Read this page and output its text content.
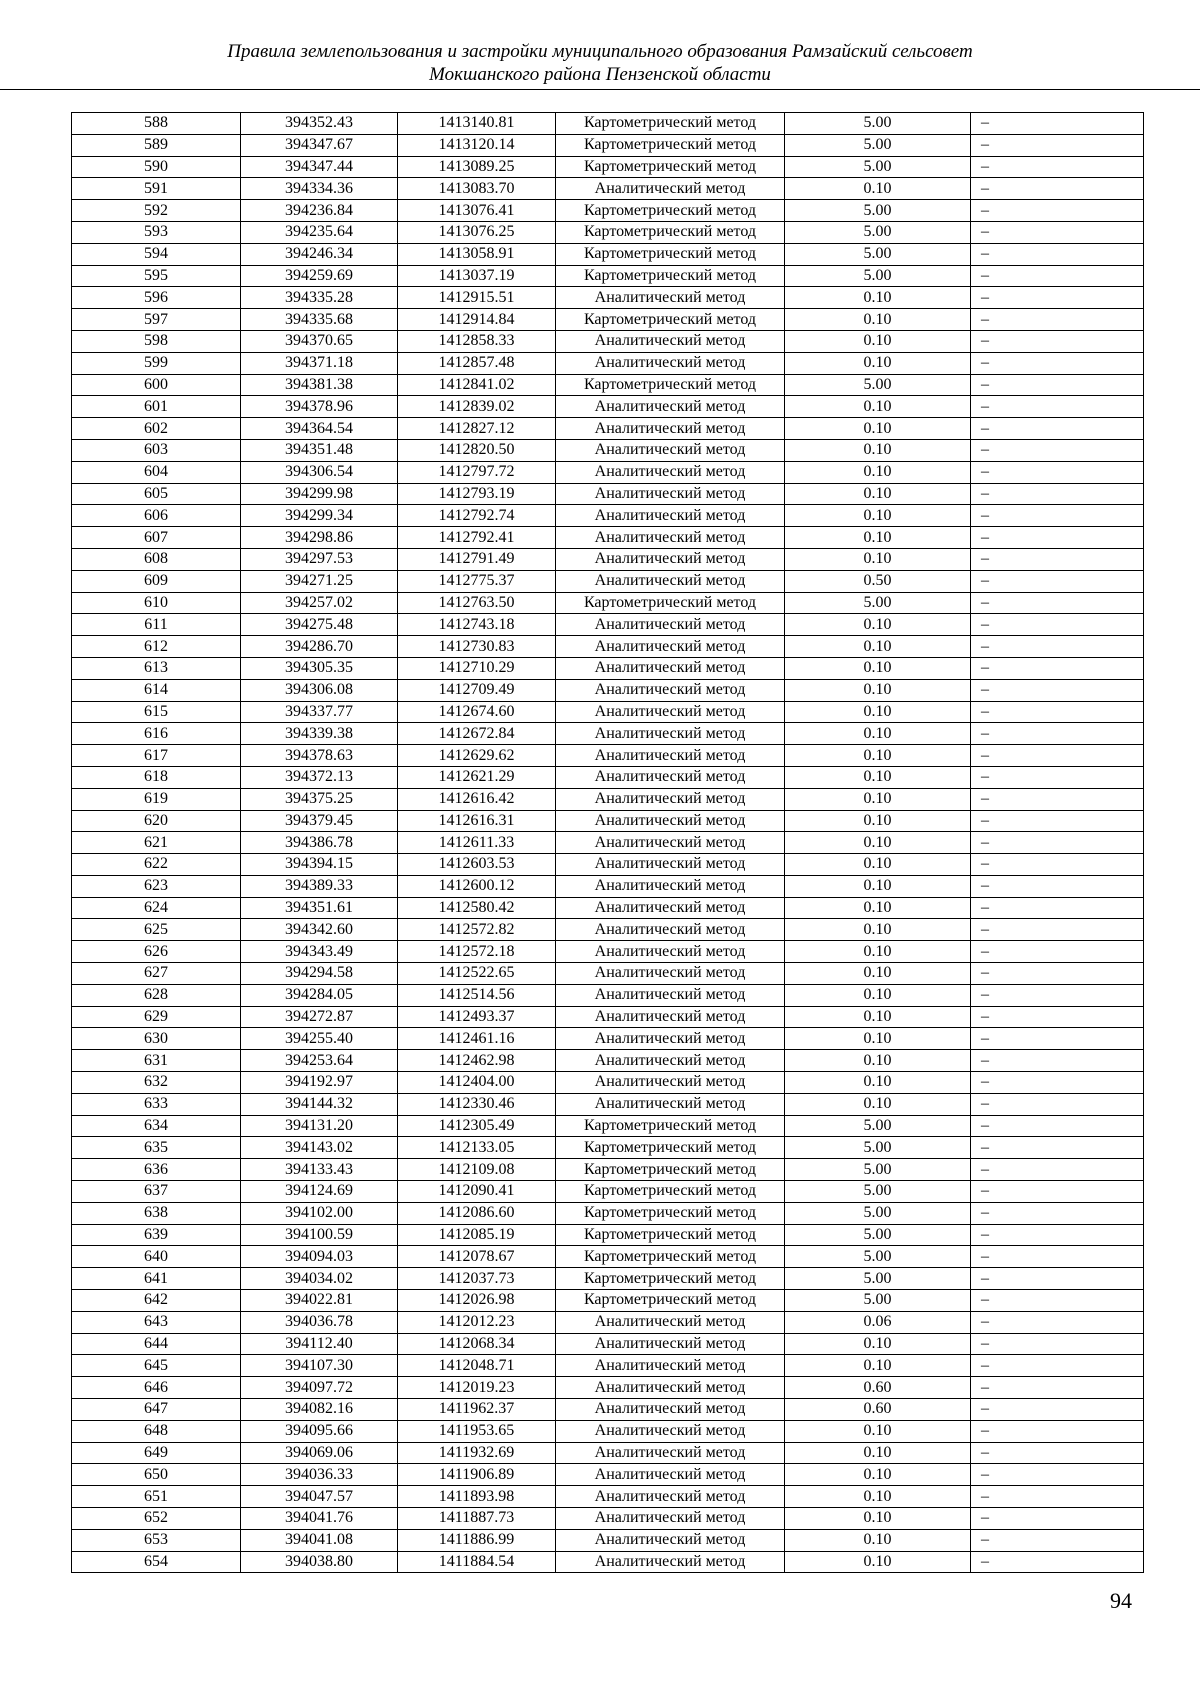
Правила землепользования и застройки муниципального образования Рамзайский сельсовет
Мокшанского района Пензенской области
588	394352.43	1413140.81	Картометрический метод	5.00	–
589	394347.67	1413120.14	Картометрический метод	5.00	–
590	394347.44	1413089.25	Картометрический метод	5.00	–
591	394334.36	1413083.70	Аналитический метод	0.10	–
592	394236.84	1413076.41	Картометрический метод	5.00	–
593	394235.64	1413076.25	Картометрический метод	5.00	–
594	394246.34	1413058.91	Картометрический метод	5.00	–
595	394259.69	1413037.19	Картометрический метод	5.00	–
596	394335.28	1412915.51	Аналитический метод	0.10	–
597	394335.68	1412914.84	Картометрический метод	0.10	–
598	394370.65	1412858.33	Аналитический метод	0.10	–
599	394371.18	1412857.48	Аналитический метод	0.10	–
600	394381.38	1412841.02	Картометрический метод	5.00	–
601	394378.96	1412839.02	Аналитический метод	0.10	–
602	394364.54	1412827.12	Аналитический метод	0.10	–
603	394351.48	1412820.50	Аналитический метод	0.10	–
604	394306.54	1412797.72	Аналитический метод	0.10	–
605	394299.98	1412793.19	Аналитический метод	0.10	–
606	394299.34	1412792.74	Аналитический метод	0.10	–
607	394298.86	1412792.41	Аналитический метод	0.10	–
608	394297.53	1412791.49	Аналитический метод	0.10	–
609	394271.25	1412775.37	Аналитический метод	0.50	–
610	394257.02	1412763.50	Картометрический метод	5.00	–
611	394275.48	1412743.18	Аналитический метод	0.10	–
612	394286.70	1412730.83	Аналитический метод	0.10	–
613	394305.35	1412710.29	Аналитический метод	0.10	–
614	394306.08	1412709.49	Аналитический метод	0.10	–
615	394337.77	1412674.60	Аналитический метод	0.10	–
616	394339.38	1412672.84	Аналитический метод	0.10	–
617	394378.63	1412629.62	Аналитический метод	0.10	–
618	394372.13	1412621.29	Аналитический метод	0.10	–
619	394375.25	1412616.42	Аналитический метод	0.10	–
620	394379.45	1412616.31	Аналитический метод	0.10	–
621	394386.78	1412611.33	Аналитический метод	0.10	–
622	394394.15	1412603.53	Аналитический метод	0.10	–
623	394389.33	1412600.12	Аналитический метод	0.10	–
624	394351.61	1412580.42	Аналитический метод	0.10	–
625	394342.60	1412572.82	Аналитический метод	0.10	–
626	394343.49	1412572.18	Аналитический метод	0.10	–
627	394294.58	1412522.65	Аналитический метод	0.10	–
628	394284.05	1412514.56	Аналитический метод	0.10	–
629	394272.87	1412493.37	Аналитический метод	0.10	–
630	394255.40	1412461.16	Аналитический метод	0.10	–
631	394253.64	1412462.98	Аналитический метод	0.10	–
632	394192.97	1412404.00	Аналитический метод	0.10	–
633	394144.32	1412330.46	Аналитический метод	0.10	–
634	394131.20	1412305.49	Картометрический метод	5.00	–
635	394143.02	1412133.05	Картометрический метод	5.00	–
636	394133.43	1412109.08	Картометрический метод	5.00	–
637	394124.69	1412090.41	Картометрический метод	5.00	–
638	394102.00	1412086.60	Картометрический метод	5.00	–
639	394100.59	1412085.19	Картометрический метод	5.00	–
640	394094.03	1412078.67	Картометрический метод	5.00	–
641	394034.02	1412037.73	Картометрический метод	5.00	–
642	394022.81	1412026.98	Картометрический метод	5.00	–
643	394036.78	1412012.23	Аналитический метод	0.06	–
644	394112.40	1412068.34	Аналитический метод	0.10	–
645	394107.30	1412048.71	Аналитический метод	0.10	–
646	394097.72	1412019.23	Аналитический метод	0.60	–
647	394082.16	1411962.37	Аналитический метод	0.60	–
648	394095.66	1411953.65	Аналитический метод	0.10	–
649	394069.06	1411932.69	Аналитический метод	0.10	–
650	394036.33	1411906.89	Аналитический метод	0.10	–
651	394047.57	1411893.98	Аналитический метод	0.10	–
652	394041.76	1411887.73	Аналитический метод	0.10	–
653	394041.08	1411886.99	Аналитический метод	0.10	–
654	394038.80	1411884.54	Аналитический метод	0.10	–
94
